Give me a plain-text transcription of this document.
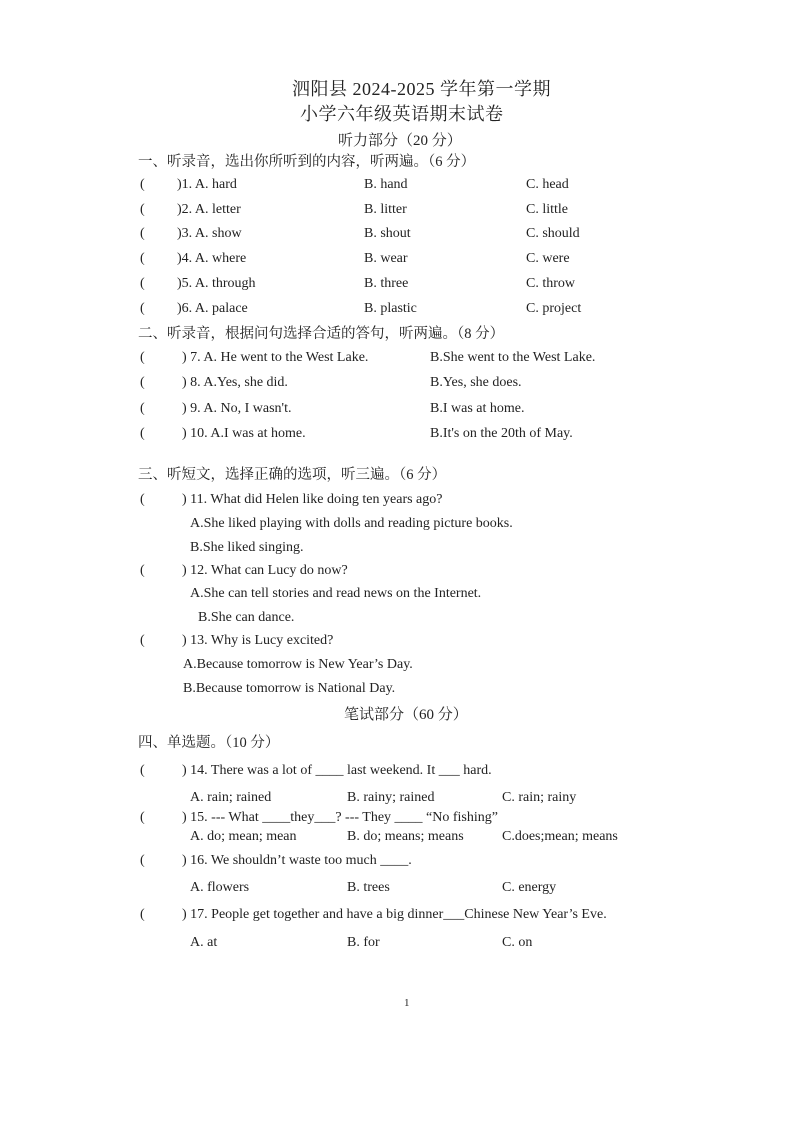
泗阳县 2024-2025 学年第一学期
小学六年级英语期末试卷
听力部分（20 分）
一、听录音，选出你所听到的内容，听两遍。（6 分）
( )1. A. hard	B. hand	C. head
( )2. A. letter	B. litter	C. little
( )3. A. show	B. shout	C. should
( )4. A. where	B. wear	C. were
( )5. A. through	B. three	C. throw
( )6. A. palace	B. plastic	C. project
二、听录音，根据问句选择合适的答句，听两遍。（8 分）
(	) 7. A. He went to the West Lake.	B.She went to the West Lake.
(	) 8. A.Yes, she did.	B.Yes, she does.
(	) 9. A. No, I wasn't.	B.I was at home.
(	) 10. A.I was at home.	B.It's on the 20th of May.
三、听短文，选择正确的选项，听三遍。（6 分）
(	) 11. What did Helen like doing ten years ago?
A.She liked playing with dolls and reading picture books.
B.She liked singing.
(	) 12. What can Lucy do now?
A.She can tell stories and read news on the Internet.
B.She can dance.
(	) 13. Why is Lucy excited?
A.Because tomorrow is New Year’s Day.
B.Because tomorrow is National Day.
笔试部分（60 分）
四、单选题。（10 分）
(	) 14. There was a lot of ____ last weekend. It ___ hard.
A. rain; rained	B. rainy; rained	C. rain; rainy
(	) 15. --- What ____they___? --- They ____ “No fishing”
A. do; mean; mean	B. do; means; means	C.does;mean; means
(	) 16. We shouldn’t waste too much ____.
A. flowers	B. trees	C. energy
(	) 17. People get together and have a big dinner___Chinese New Year’s Eve.
A. at	B. for	C. on
1
